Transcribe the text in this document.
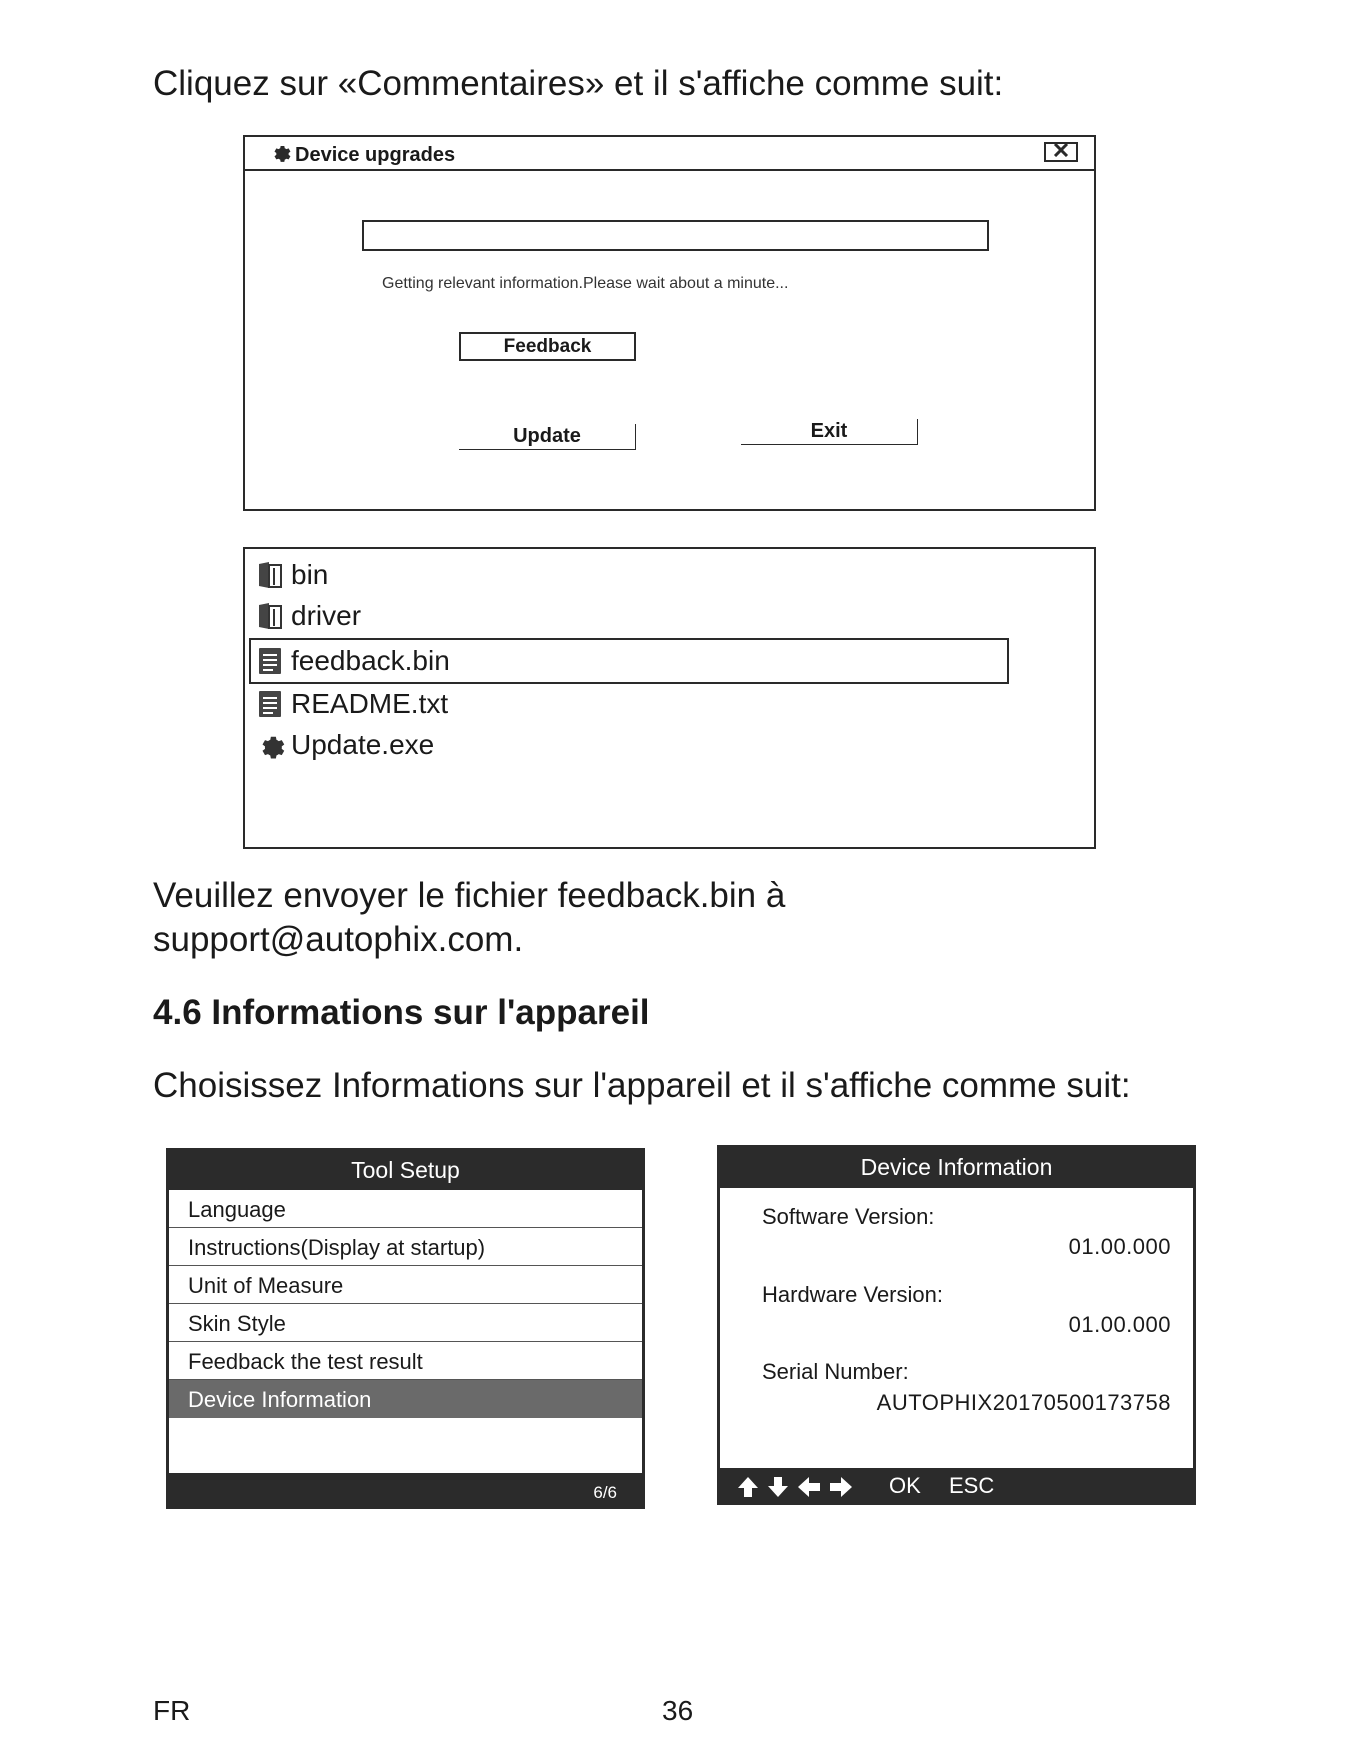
Cliquez sur «Commentaires» et il s'affiche comme suit:

Device upgrades
Getting relevant information.Please wait about a minute...
Feedback
Update	Exit
bin
driver
feedback.bin
README.txt
Update.exe

Veuillez envoyer le fichier feedback.bin à

support@autophix.com.

4.6 Informations sur l'appareil

Choisissez Informations sur l'appareil et il s'affiche comme suit:

Tool Setup
Language
Instructions(Display at startup)
Unit of Measure
Skin Style
Feedback the test result
Device Information
6/6
Device Information
Software Version:
01.00.000
Hardware Version:
01.00.000
Serial Number:
AUTOPHIX20170500173758
OK ESC
FR	36
